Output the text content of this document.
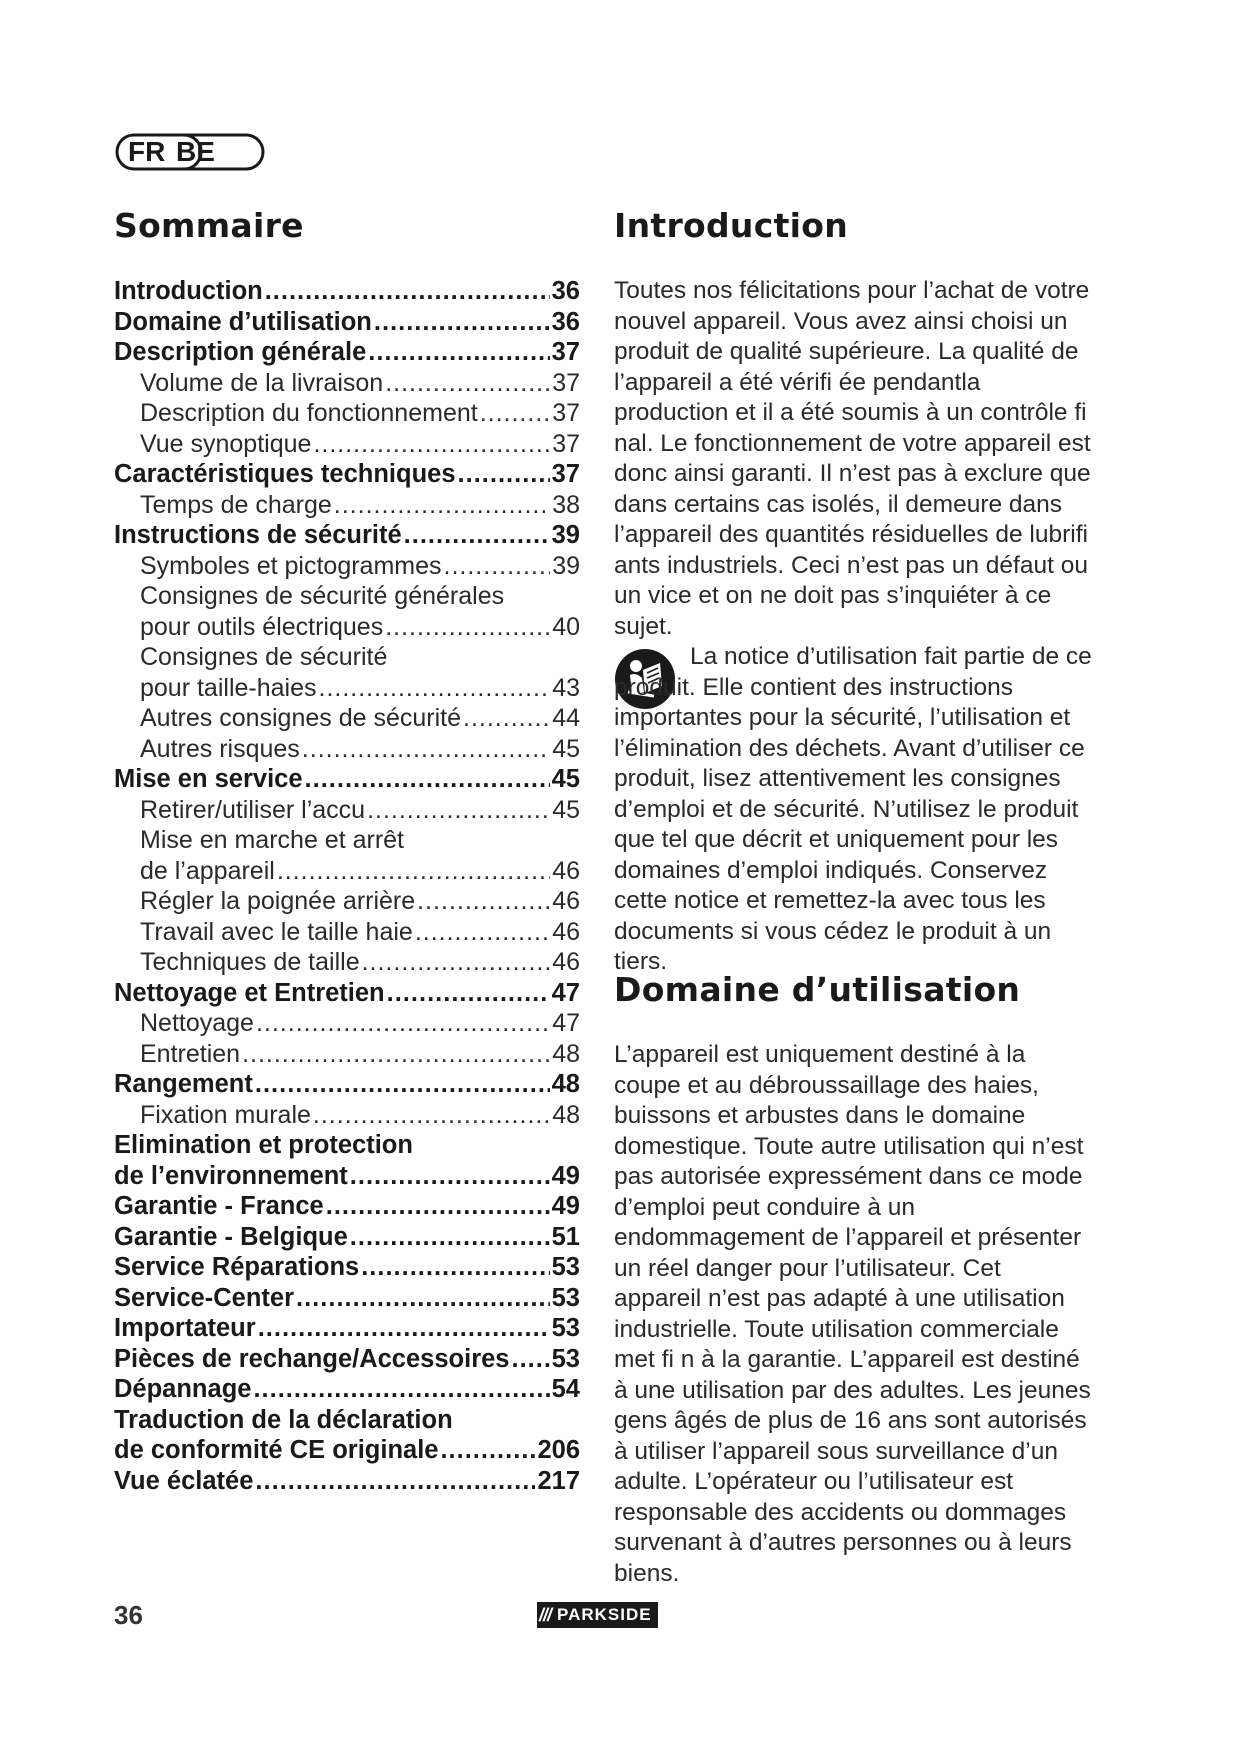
FR BE
Sommaire
Introduction .....	36
Domaine d’utilisation .....	36
Description générale .....	37
Volume de la livraison .....	37
Description du fonctionnement .....	37
Vue synoptique .....	37
Caractéristiques techniques .....	37
Temps de charge .....	38
Instructions de sécurité .....	39
Symboles et pictogrammes .....	39
Consignes de sécurité générales
pour outils électriques .....	40
Consignes de sécurité
pour taille-haies .....	43
Autres consignes de sécurité .....	44
Autres risques .....	45
Mise en service .....	45
Retirer/utiliser l’accu .....	45
Mise en marche et arrêt
de l’appareil .....	46
Régler la poignée arrière .....	46
Travail avec le taille haie .....	46
Techniques de taille .....	46
Nettoyage et Entretien .....	47
Nettoyage .....	47
Entretien .....	48
Rangement .....	48
Fixation murale .....	48
Elimination et protection
de l’environnement .....	49
Garantie - France .....	49
Garantie - Belgique .....	51
Service Réparations .....	53
Service-Center .....	53
Importateur .....	53
Pièces de rechange/Accessoires ..... 53
Dépannage .....	54
Traduction de la déclaration
de conformité CE originale .....	206
Vue éclatée .....	217
Introduction

Toutes nos félicitations pour l’achat de votre nouvel appareil. Vous avez ainsi choisi un produit de qualité supérieure. La qualité de l’appareil a été vérifi ée pendantla production et il a été soumis à un contrôle fi nal. Le fonctionnement de votre appareil est donc ainsi garanti. Il n’est pas à exclure que dans certains cas isolés, il demeure dans l’appareil des quantités résiduelles de lubrifi ants industriels. Ceci n’est pas un défaut ou un vice et on ne doit pas s’inquiéter à ce sujet.

La notice d’utilisation fait partie de ce produit. Elle contient des instructions importantes pour la sécurité, l’utilisation et l’élimination des déchets. Avant d’utiliser ce produit, lisez attentivement les consignes d’emploi et de sécurité. N’utilisez le produit que tel que décrit et uniquement pour les domaines d’emploi indiqués. Conservez cette notice et remettez-la avec tous les documents si vous cédez le produit à un tiers.

Domaine d’utilisation

L’appareil est uniquement destiné à la coupe et au débroussaillage des haies, buissons et arbustes dans le domaine domestique. Toute autre utilisation qui n’est pas autorisée expressément dans ce mode d’emploi peut conduire à un endommagement de l’appareil et présenter un réel danger pour l’utilisateur. Cet appareil n’est pas adapté à une utilisation industrielle. Toute utilisation commerciale met fi n à la garantie. L’appareil est destiné à une utilisation par des adultes. Les jeunes gens âgés de plus de 16 ans sont autorisés à utiliser l’appareil sous surveillance d’un adulte. L’opérateur ou l’utilisateur est responsable des accidents ou dommages survenant à d’autres personnes ou à leurs biens.

36	/// PARKSIDE
